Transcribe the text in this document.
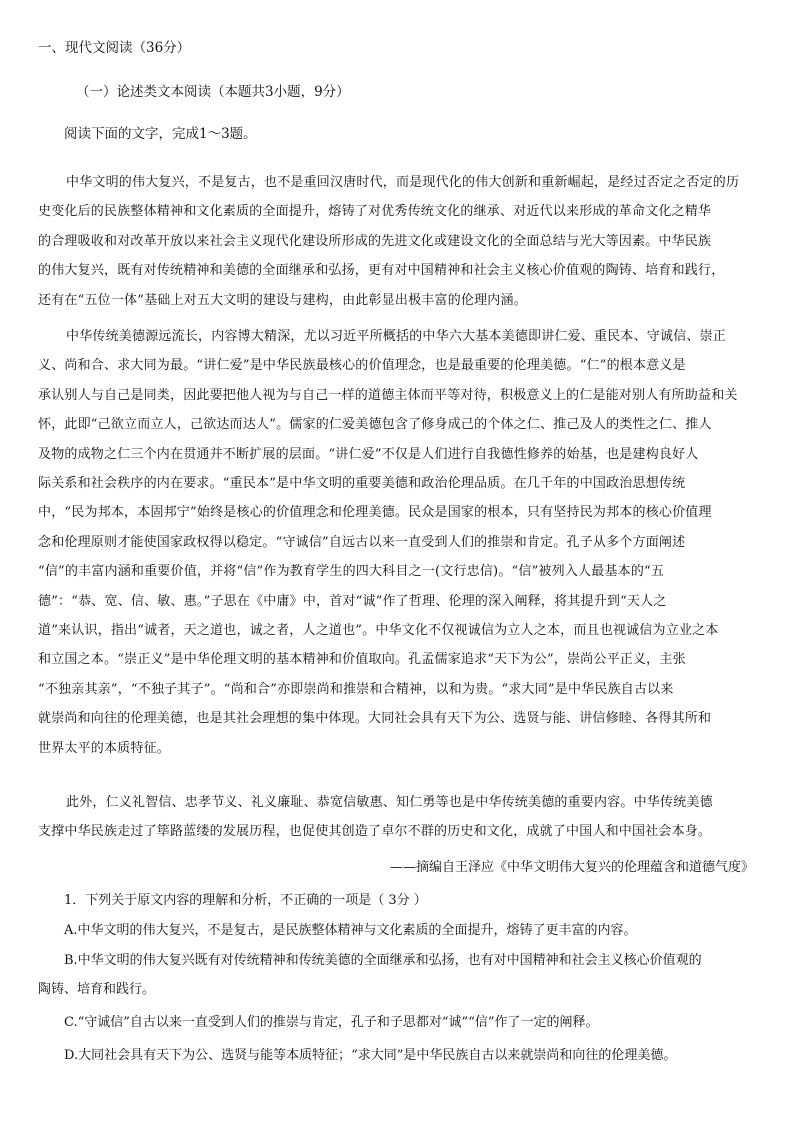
一、现代文阅读（36分）
（一）论述类文本阅读（本题共3小题，9分）
阅读下面的文字，完成1～3题。
中华文明的伟大复兴，不是复古，也不是重回汉唐时代，而是现代化的伟大创新和重新崛起，是经过否定之否定的历
史变化后的民族整体精神和文化素质的全面提升，熔铸了对优秀传统文化的继承、对近代以来形成的革命文化之精华
的合理吸收和对改革开放以来社会主义现代化建设所形成的先进文化或建设文化的全面总结与光大等因素。中华民族
的伟大复兴，既有对传统精神和美德的全面继承和弘扬，更有对中国精神和社会主义核心价值观的陶铸、培育和践行，
还有在“五位一体”基础上对五大文明的建设与建构，由此彰显出极丰富的伦理内涵。
中华传统美德源远流长，内容博大精深，尤以习近平所概括的中华六大基本美德即讲仁爱、重民本、守诚信、崇正
义、尚和合、求大同为最。“讲仁爱”是中华民族最核心的价值理念，也是最重要的伦理美德。“仁”的根本意义是
承认别人与自己是同类，因此要把他人视为与自己一样的道德主体而平等对待，积极意义上的仁是能对别人有所助益和关
怀，此即“己欲立而立人，己欲达而达人”。儒家的仁爱美德包含了修身成己的个体之仁、推己及人的类性之仁、推人
及物的成物之仁三个内在贯通并不断扩展的层面。“讲仁爱”不仅是人们进行自我德性修养的始基，也是建构良好人
际关系和社会秩序的内在要求。“重民本”是中华文明的重要美德和政治伦理品质。在几千年的中国政治思想传统
中，“民为邦本，本固邦宁”始终是核心的价值理念和伦理美德。民众是国家的根本，只有坚持民为邦本的核心价值理
念和伦理原则才能使国家政权得以稳定。“守诚信”自远古以来一直受到人们的推崇和肯定。孔子从多个方面阐述
“信”的丰富内涵和重要价值，并将“信”作为教育学生的四大科目之一(文行忠信)。“信”被列入人最基本的“五
德”：“恭、宽、信、敏、惠。”子思在《中庸》中，首对“诚”作了哲理、伦理的深入阐释，将其提升到“天人之
道”来认识，指出“诚者，天之道也，诚之者，人之道也”。中华文化不仅视诚信为立人之本，而且也视诚信为立业之本
和立国之本。“崇正义”是中华伦理文明的基本精神和价值取向。孔孟儒家追求“天下为公”，崇尚公平正义，主张
“不独亲其亲”，“不独子其子”。“尚和合”亦即崇尚和推崇和合精神，以和为贵。“求大同”是中华民族自古以来
就崇尚和向往的伦理美德，也是其社会理想的集中体现。大同社会具有天下为公、选贤与能、讲信修睦、各得其所和
世界太平的本质特征。
此外，仁义礼智信、忠孝节义、礼义廉耻、恭宽信敏惠、知仁勇等也是中华传统美德的重要内容。中华传统美德
支撑中华民族走过了筚路蓝缕的发展历程，也促使其创造了卓尔不群的历史和文化，成就了中国人和中国社会本身。
——摘编自王泽应《中华文明伟大复兴的伦理蕴含和道德气度》
1．下列关于原文内容的理解和分析，不正确的一项是（ 3分 ）
A.中华文明的伟大复兴，不是复古，是民族整体精神与文化素质的全面提升，熔铸了更丰富的内容。
B.中华文明的伟大复兴既有对传统精神和传统美德的全面继承和弘扬，也有对中国精神和社会主义核心价值观的
陶铸、培育和践行。
C.“守诚信”自古以来一直受到人们的推崇与肯定，孔子和子思都对“诚”“信”作了一定的阐释。
D.大同社会具有天下为公、选贤与能等本质特征；“求大同”是中华民族自古以来就崇尚和向往的伦理美德。
